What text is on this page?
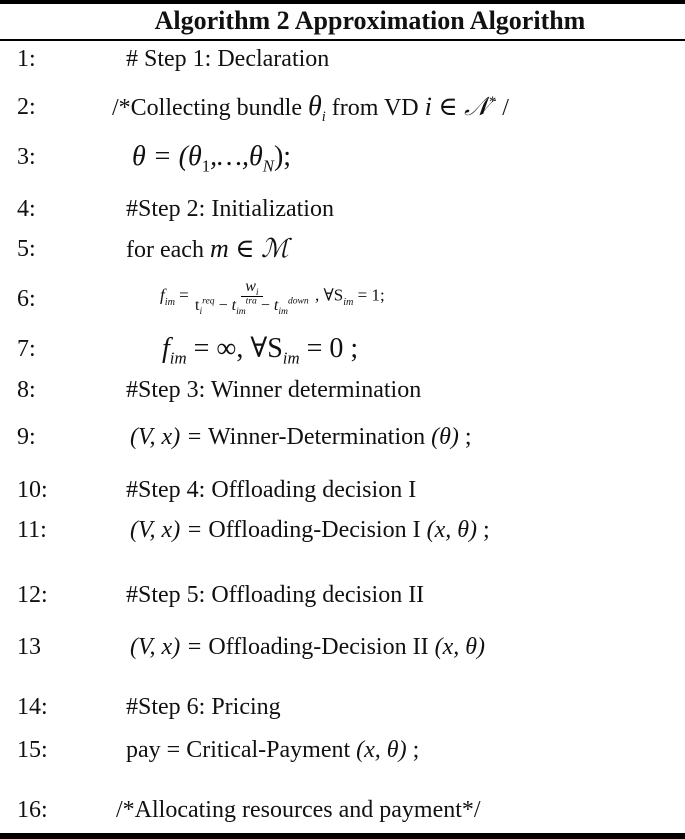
Algorithm 2 Approximation Algorithm
1:	# Step 1: Declaration
2:	/*Collecting bundle $\theta_i$ from VD i ∈ 𝒩* /
3:	$\theta = (\theta_1,\dots,\theta_N)$;
4:	#Step 2: Initialization
5:	for each m ∈ ℳ
6:	$f_{im} = \frac{w_i}{t_i^{req} - t_{im}^{tra} - t_{im}^{down}}$ , $\forall S_{im} = 1$;
7:	$f_{im}$ = ∞, $\forall S_{im} = 0$ ;
8:	#Step 3: Winner determination
9:	(V, x) = Winner-Determination (θ) ;
10:	#Step 4: Offloading decision I
11:	(V, x) = Offloading-Decision I (x, θ) ;
12:	#Step 5: Offloading decision II
13	(V, x) = Offloading-Decision II (x, θ)
14:	#Step 6: Pricing
15:	pay = Critical-Payment (x, θ) ;
16:	/*Allocating resources and payment*/
